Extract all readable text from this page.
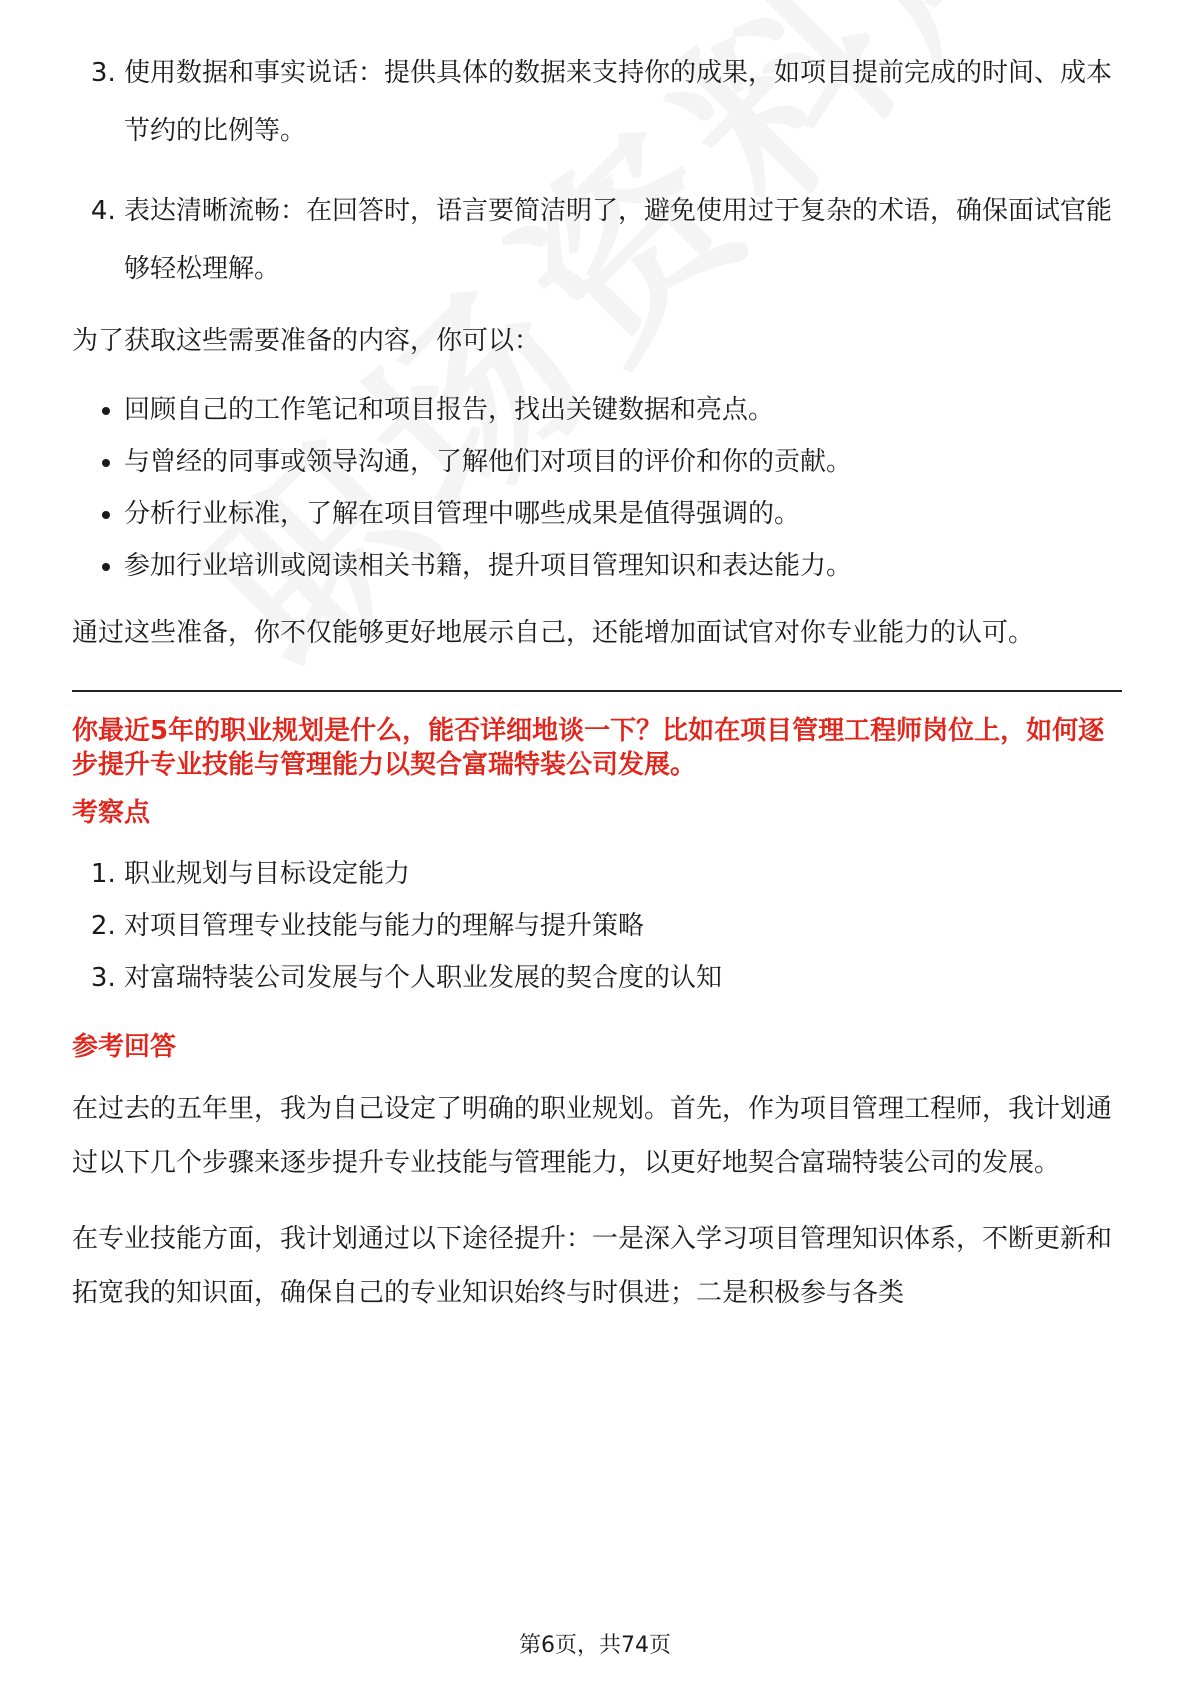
3. 使用数据和事实说话：提供具体的数据来支持你的成果，如项目提前完成的时间、成本节约的比例等。
4. 表达清晰流畅：在回答时，语言要简洁明了，避免使用过于复杂的术语，确保面试官能够轻松理解。

为了获取这些需要准备的内容，你可以：

• 回顾自己的工作笔记和项目报告，找出关键数据和亮点。
• 与曾经的同事或领导沟通，了解他们对项目的评价和你的贡献。
• 分析行业标准，了解在项目管理中哪些成果是值得强调的。
• 参加行业培训或阅读相关书籍，提升项目管理知识和表达能力。

通过这些准备，你不仅能够更好地展示自己，还能增加面试官对你专业能力的认可。

你最近5年的职业规划是什么，能否详细地谈一下？比如在项目管理工程师岗位上，如何逐步提升专业技能与管理能力以契合富瑞特装公司发展。

考察点

1. 职业规划与目标设定能力
2. 对项目管理专业技能与能力的理解与提升策略
3. 对富瑞特装公司发展与个人职业发展的契合度的认知

参考回答

在过去的五年里，我为自己设定了明确的职业规划。首先，作为项目管理工程师，我计划通过以下几个步骤来逐步提升专业技能与管理能力，以更好地契合富瑞特装公司的发展。

在专业技能方面，我计划通过以下途径提升：一是深入学习项目管理知识体系，不断更新和拓宽我的知识面，确保自己的专业知识始终与时俱进；二是积极参与各类

第6页，共74页
